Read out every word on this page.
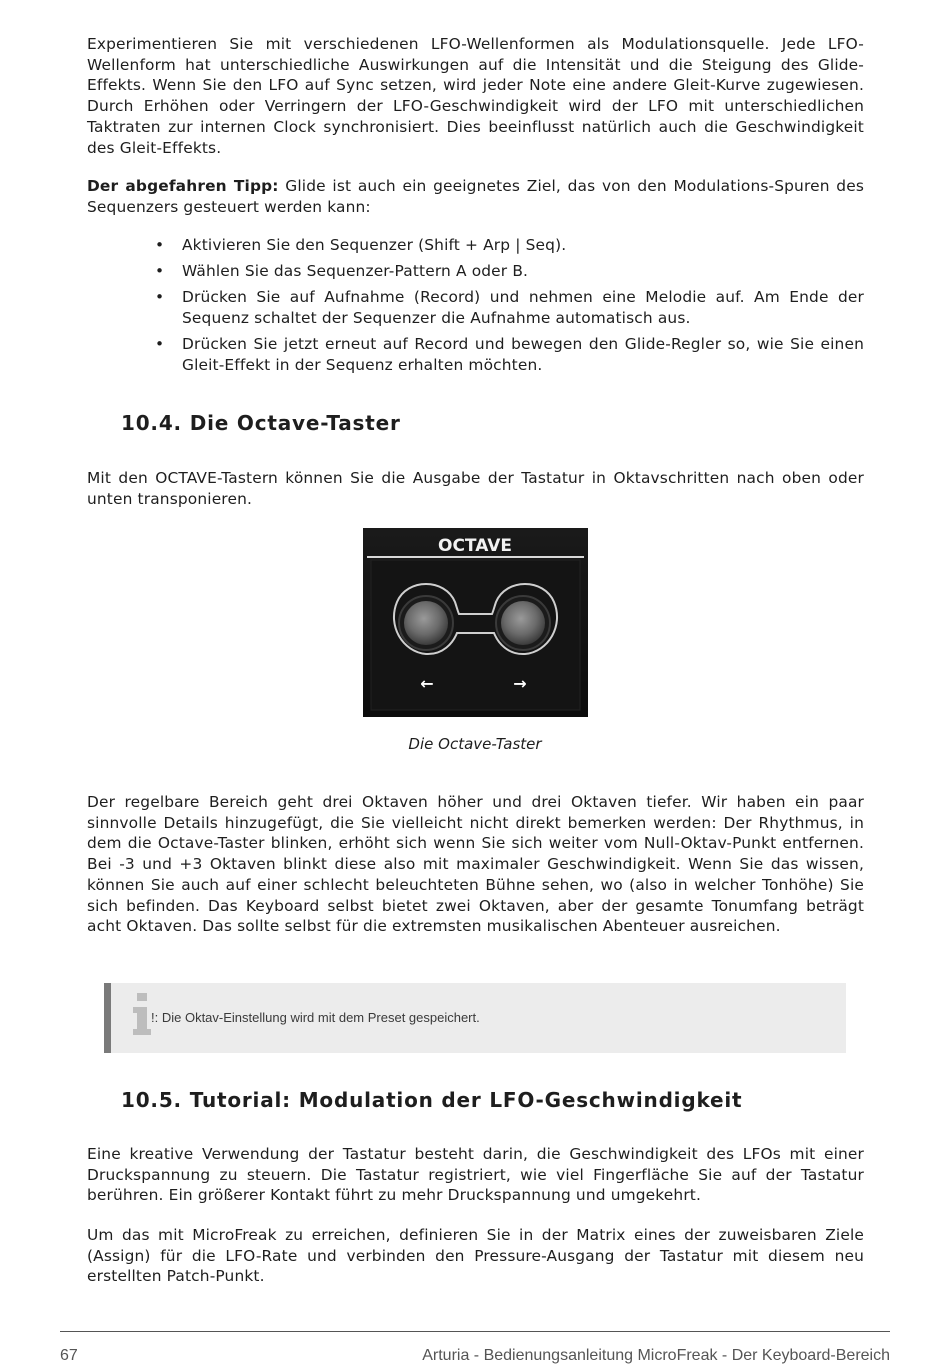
Experimentieren Sie mit verschiedenen LFO-Wellenformen als Modulationsquelle. Jede LFO-Wellenform hat unterschiedliche Auswirkungen auf die Intensität und die Steigung des Glide-Effekts. Wenn Sie den LFO auf Sync setzen, wird jeder Note eine andere Gleit-Kurve zugewiesen. Durch Erhöhen oder Verringern der LFO-Geschwindigkeit wird der LFO mit unterschiedlichen Taktraten zur internen Clock synchronisiert. Dies beeinflusst natürlich auch die Geschwindigkeit des Gleit-Effekts.

Der abgefahren Tipp: Glide ist auch ein geeignetes Ziel, das von den Modulations-Spuren des Sequenzers gesteuert werden kann:

• Aktivieren Sie den Sequenzer (Shift + Arp | Seq).
• Wählen Sie das Sequenzer-Pattern A oder B.
• Drücken Sie auf Aufnahme (Record) und nehmen eine Melodie auf. Am Ende der Sequenz schaltet der Sequenzer die Aufnahme automatisch aus.
• Drücken Sie jetzt erneut auf Record und bewegen den Glide-Regler so, wie Sie einen Gleit-Effekt in der Sequenz erhalten möchten.
10.4. Die Octave-Taster

Mit den OCTAVE-Tastern können Sie die Ausgabe der Tastatur in Oktavschritten nach oben oder unten transponieren.

OCTAVE
←	→
Die Octave-Taster

Der regelbare Bereich geht drei Oktaven höher und drei Oktaven tiefer. Wir haben ein paar sinnvolle Details hinzugefügt, die Sie vielleicht nicht direkt bemerken werden: Der Rhythmus, in dem die Octave-Taster blinken, erhöht sich wenn Sie sich weiter vom Null-Oktav-Punkt entfernen. Bei -3 und +3 Oktaven blinkt diese also mit maximaler Geschwindigkeit. Wenn Sie das wissen, können Sie auch auf einer schlecht beleuchteten Bühne sehen, wo (also in welcher Tonhöhe) Sie sich befinden. Das Keyboard selbst bietet zwei Oktaven, aber der gesamte Tonumfang beträgt acht Oktaven. Das sollte selbst für die extremsten musikalischen Abenteuer ausreichen.

!: Die Oktav-Einstellung wird mit dem Preset gespeichert.
10.5. Tutorial: Modulation der LFO-Geschwindigkeit

Eine kreative Verwendung der Tastatur besteht darin, die Geschwindigkeit des LFOs mit einer Druckspannung zu steuern. Die Tastatur registriert, wie viel Fingerfläche Sie auf der Tastatur berühren. Ein größerer Kontakt führt zu mehr Druckspannung und umgekehrt.

Um das mit MicroFreak zu erreichen, definieren Sie in der Matrix eines der zuweisbaren Ziele (Assign) für die LFO-Rate und verbinden den Pressure-Ausgang der Tastatur mit diesem neu erstellten Patch-Punkt.

67	Arturia - Bedienungsanleitung MicroFreak - Der Keyboard-Bereich
